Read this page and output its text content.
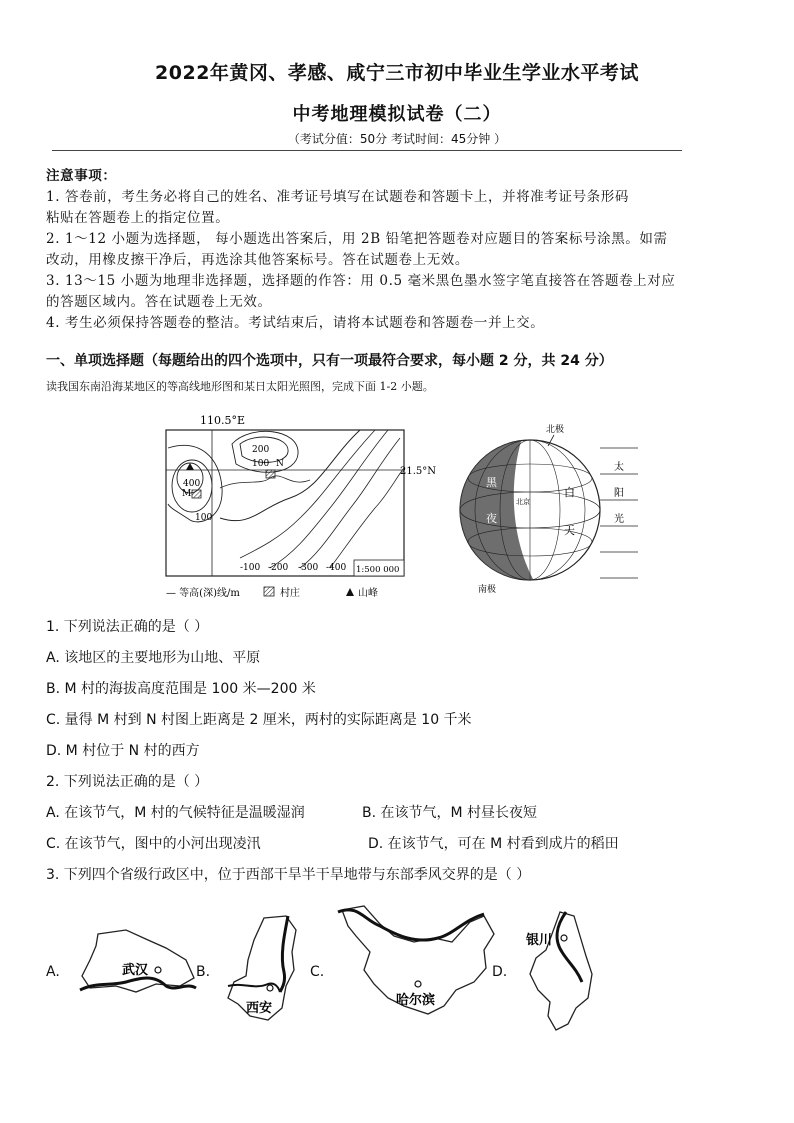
2022年黄冈、孝感、咸宁三市初中毕业生学业水平考试
中考地理模拟试卷（二）
（考试分值：50分 考试时间：45分钟 ）
注意事项：
1. 答卷前，考生务必将自己的姓名、准考证号填写在试题卷和答题卡上，并将准考证号条形码
粘贴在答题卷上的指定位置。
2. 1～12 小题为选择题， 每小题选出答案后，用 2B 铅笔把答题卷对应题目的答案标号涂黑。如需
改动，用橡皮擦干净后，再选涂其他答案标号。答在试题卷上无效。
3. 13～15 小题为地理非选择题，选择题的作答：用 0.5 毫米黑色墨水签字笔直接答在答题卷上对应
的答题区域内。答在试题卷上无效。
4. 考生必须保持答题卷的整洁。考试结束后，请将本试题卷和答题卷一并上交。
一、单项选择题（每题给出的四个选项中，只有一项最符合要求，每小题 2 分，共 24 分）
读我国东南沿海某地区的等高线地形图和某日太阳光照图，完成下面 1-2 小题。
110.5°E
21.5°N
400
M
100
200
100 N
-100 -200 -300 -400 1:500 000
— 等高(深)线/m	村庄	山峰
黑
夜
白
天
北京
北极
南极
太
阳
光
1. 下列说法正确的是（ ）
A. 该地区的主要地形为山地、平原
B. M 村的海拔高度范围是 100 米—200 米
C. 量得 M 村到 N 村图上距离是 2 厘米，两村的实际距离是 10 千米
D. M 村位于 N 村的西方
2. 下列说法正确的是（ ）
A. 在该节气，M 村的气候特征是温暖湿润	B. 在该节气，M 村昼长夜短
C. 在该节气，图中的小河出现凌汛	D. 在该节气，可在 M 村看到成片的稻田
3. 下列四个省级行政区中，位于西部干旱半干旱地带与东部季风交界的是（ ）
A.	B.	C.	D.
武汉
西安
哈尔滨
银川
